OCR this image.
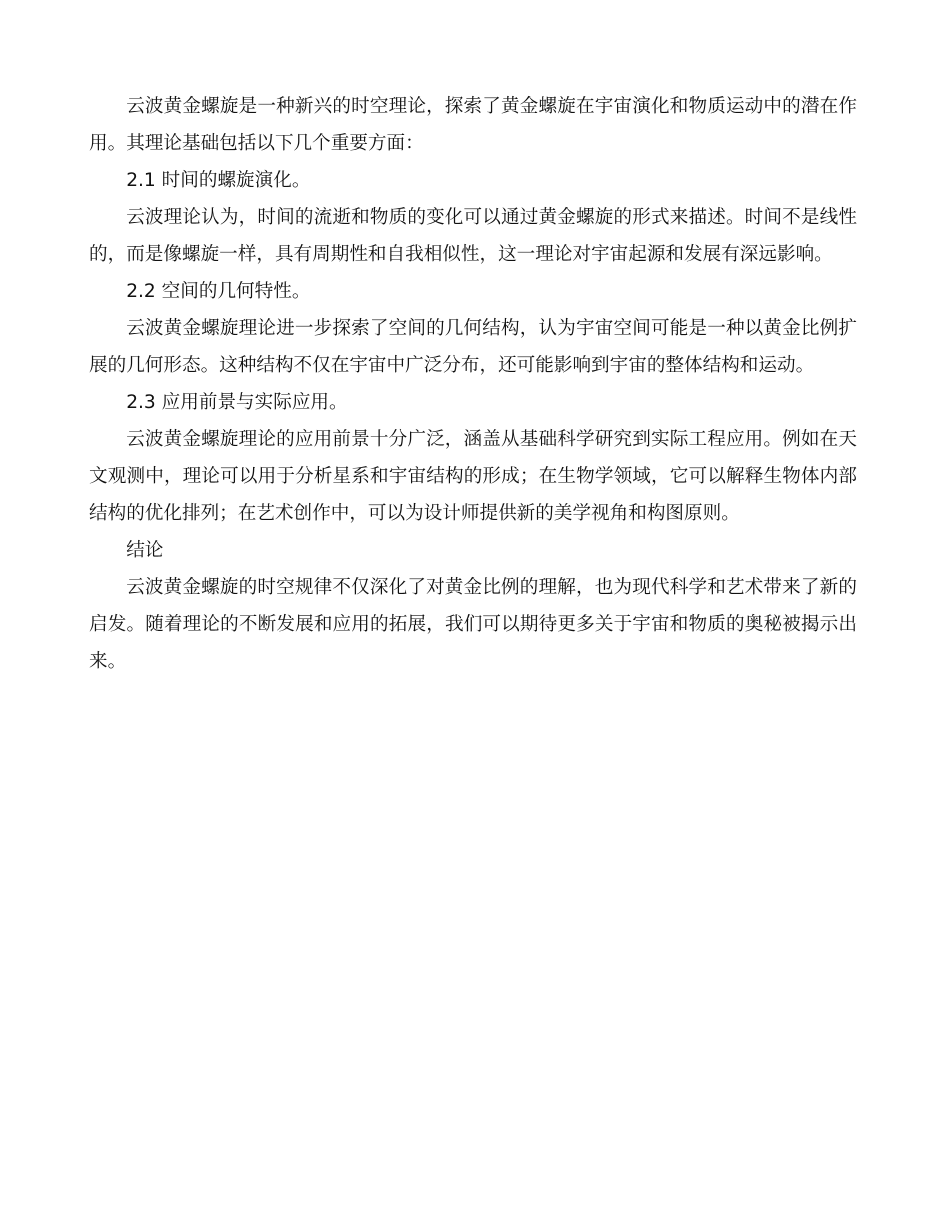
云波黄金螺旋是一种新兴的时空理论，探索了黄金螺旋在宇宙演化和物质运动中的潜在作用。其理论基础包括以下几个重要方面：

2.1 时间的螺旋演化。

云波理论认为，时间的流逝和物质的变化可以通过黄金螺旋的形式来描述。时间不是线性的，而是像螺旋一样，具有周期性和自我相似性，这一理论对宇宙起源和发展有深远影响。

2.2 空间的几何特性。

云波黄金螺旋理论进一步探索了空间的几何结构，认为宇宙空间可能是一种以黄金比例扩展的几何形态。这种结构不仅在宇宙中广泛分布，还可能影响到宇宙的整体结构和运动。

2.3 应用前景与实际应用。

云波黄金螺旋理论的应用前景十分广泛，涵盖从基础科学研究到实际工程应用。例如在天文观测中，理论可以用于分析星系和宇宙结构的形成；在生物学领域，它可以解释生物体内部结构的优化排列；在艺术创作中，可以为设计师提供新的美学视角和构图原则。

结论

云波黄金螺旋的时空规律不仅深化了对黄金比例的理解，也为现代科学和艺术带来了新的启发。随着理论的不断发展和应用的拓展，我们可以期待更多关于宇宙和物质的奥秘被揭示出来。
